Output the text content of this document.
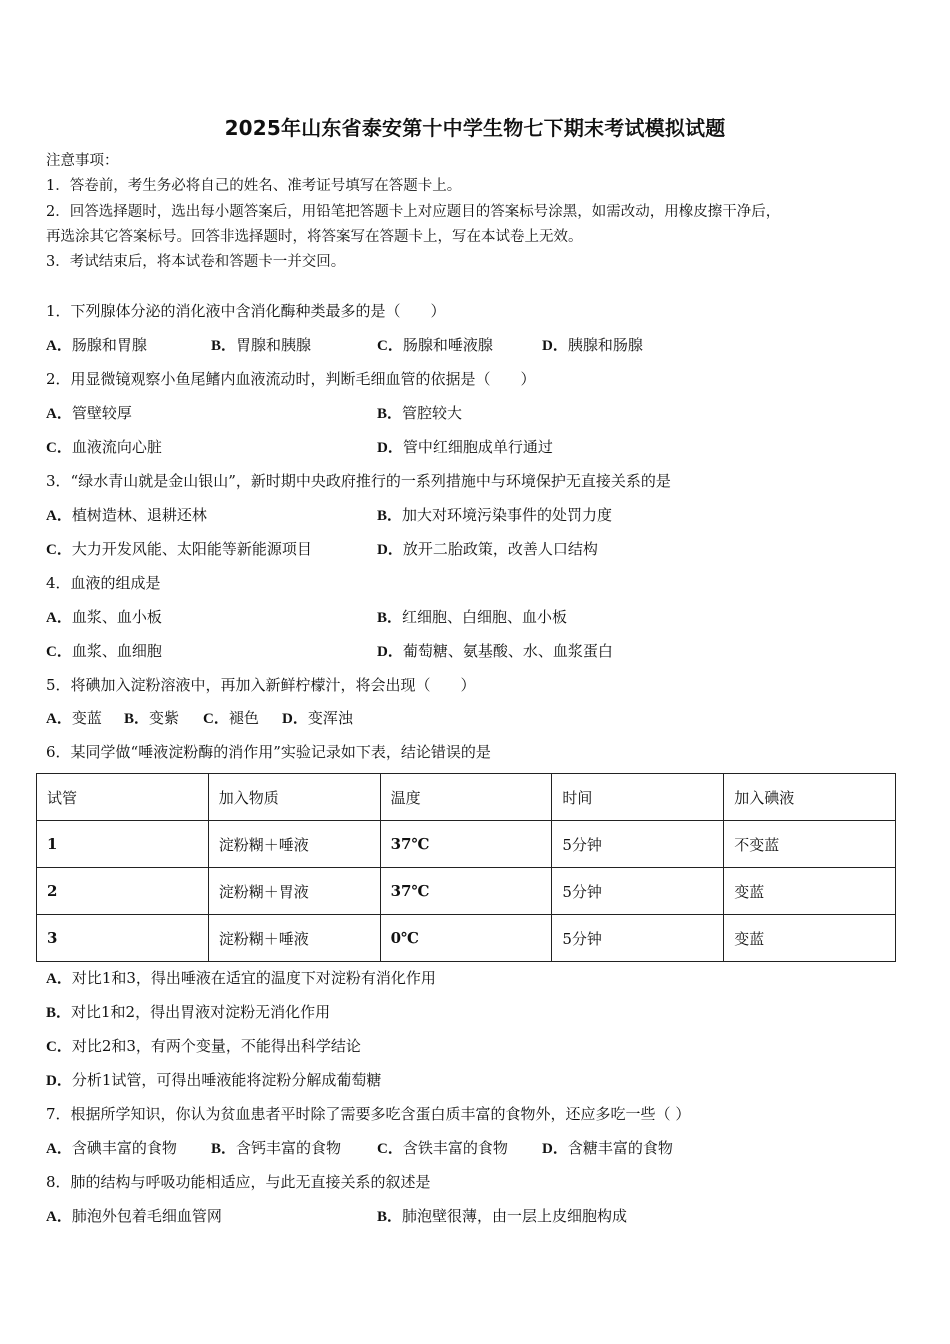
2025年山东省泰安第十中学生物七下期末考试模拟试题
注意事项：
1．答卷前，考生务必将自己的姓名、准考证号填写在答题卡上。
2．回答选择题时，选出每小题答案后，用铅笔把答题卡上对应题目的答案标号涂黑，如需改动，用橡皮擦干净后，
再选涂其它答案标号。回答非选择题时，将答案写在答题卡上，写在本试卷上无效。
3．考试结束后，将本试卷和答题卡一并交回。
1．下列腺体分泌的消化液中含消化酶种类最多的是（　　）
A．肠腺和胃腺	B．胃腺和胰腺	C．肠腺和唾液腺	D．胰腺和肠腺
2．用显微镜观察小鱼尾鳍内血液流动时，判断毛细血管的依据是（　　）
A．管壁较厚	B．管腔较大
C．血液流向心脏	D．管中红细胞成单行通过
3．“绿水青山就是金山银山”，新时期中央政府推行的一系列措施中与环境保护无直接关系的是
A．植树造林、退耕还林	B．加大对环境污染事件的处罚力度
C．大力开发风能、太阳能等新能源项目	D．放开二胎政策，改善人口结构
4．血液的组成是
A．血浆、血小板	B．红细胞、白细胞、血小板
C．血浆、血细胞	D．葡萄糖、氨基酸、水、血浆蛋白
5．将碘加入淀粉溶液中，再加入新鲜柠檬汁，将会出现（　　）
A．变蓝 B．变紫 C．褪色 D．变浑浊
6．某同学做“唾液淀粉酶的消作用”实验记录如下表，结论错误的是
试管	加入物质	温度	时间	加入碘液
1	淀粉糊＋唾液	37℃	5分钟	不变蓝
2	淀粉糊＋胃液	37℃	5分钟	变蓝
3	淀粉糊＋唾液	0℃	5分钟	变蓝
A．对比1和3，得出唾液在适宜的温度下对淀粉有消化作用
B．对比1和2，得出胃液对淀粉无消化作用
C．对比2和3，有两个变量，不能得出科学结论
D．分析1试管，可得出唾液能将淀粉分解成葡萄糖
7．根据所学知识，你认为贫血患者平时除了需要多吃含蛋白质丰富的食物外，还应多吃一些（ ）
A．含碘丰富的食物 B．含钙丰富的食物 C．含铁丰富的食物 D．含糖丰富的食物
8．肺的结构与呼吸功能相适应，与此无直接关系的叙述是
A．肺泡外包着毛细血管网	B．肺泡壁很薄，由一层上皮细胞构成
